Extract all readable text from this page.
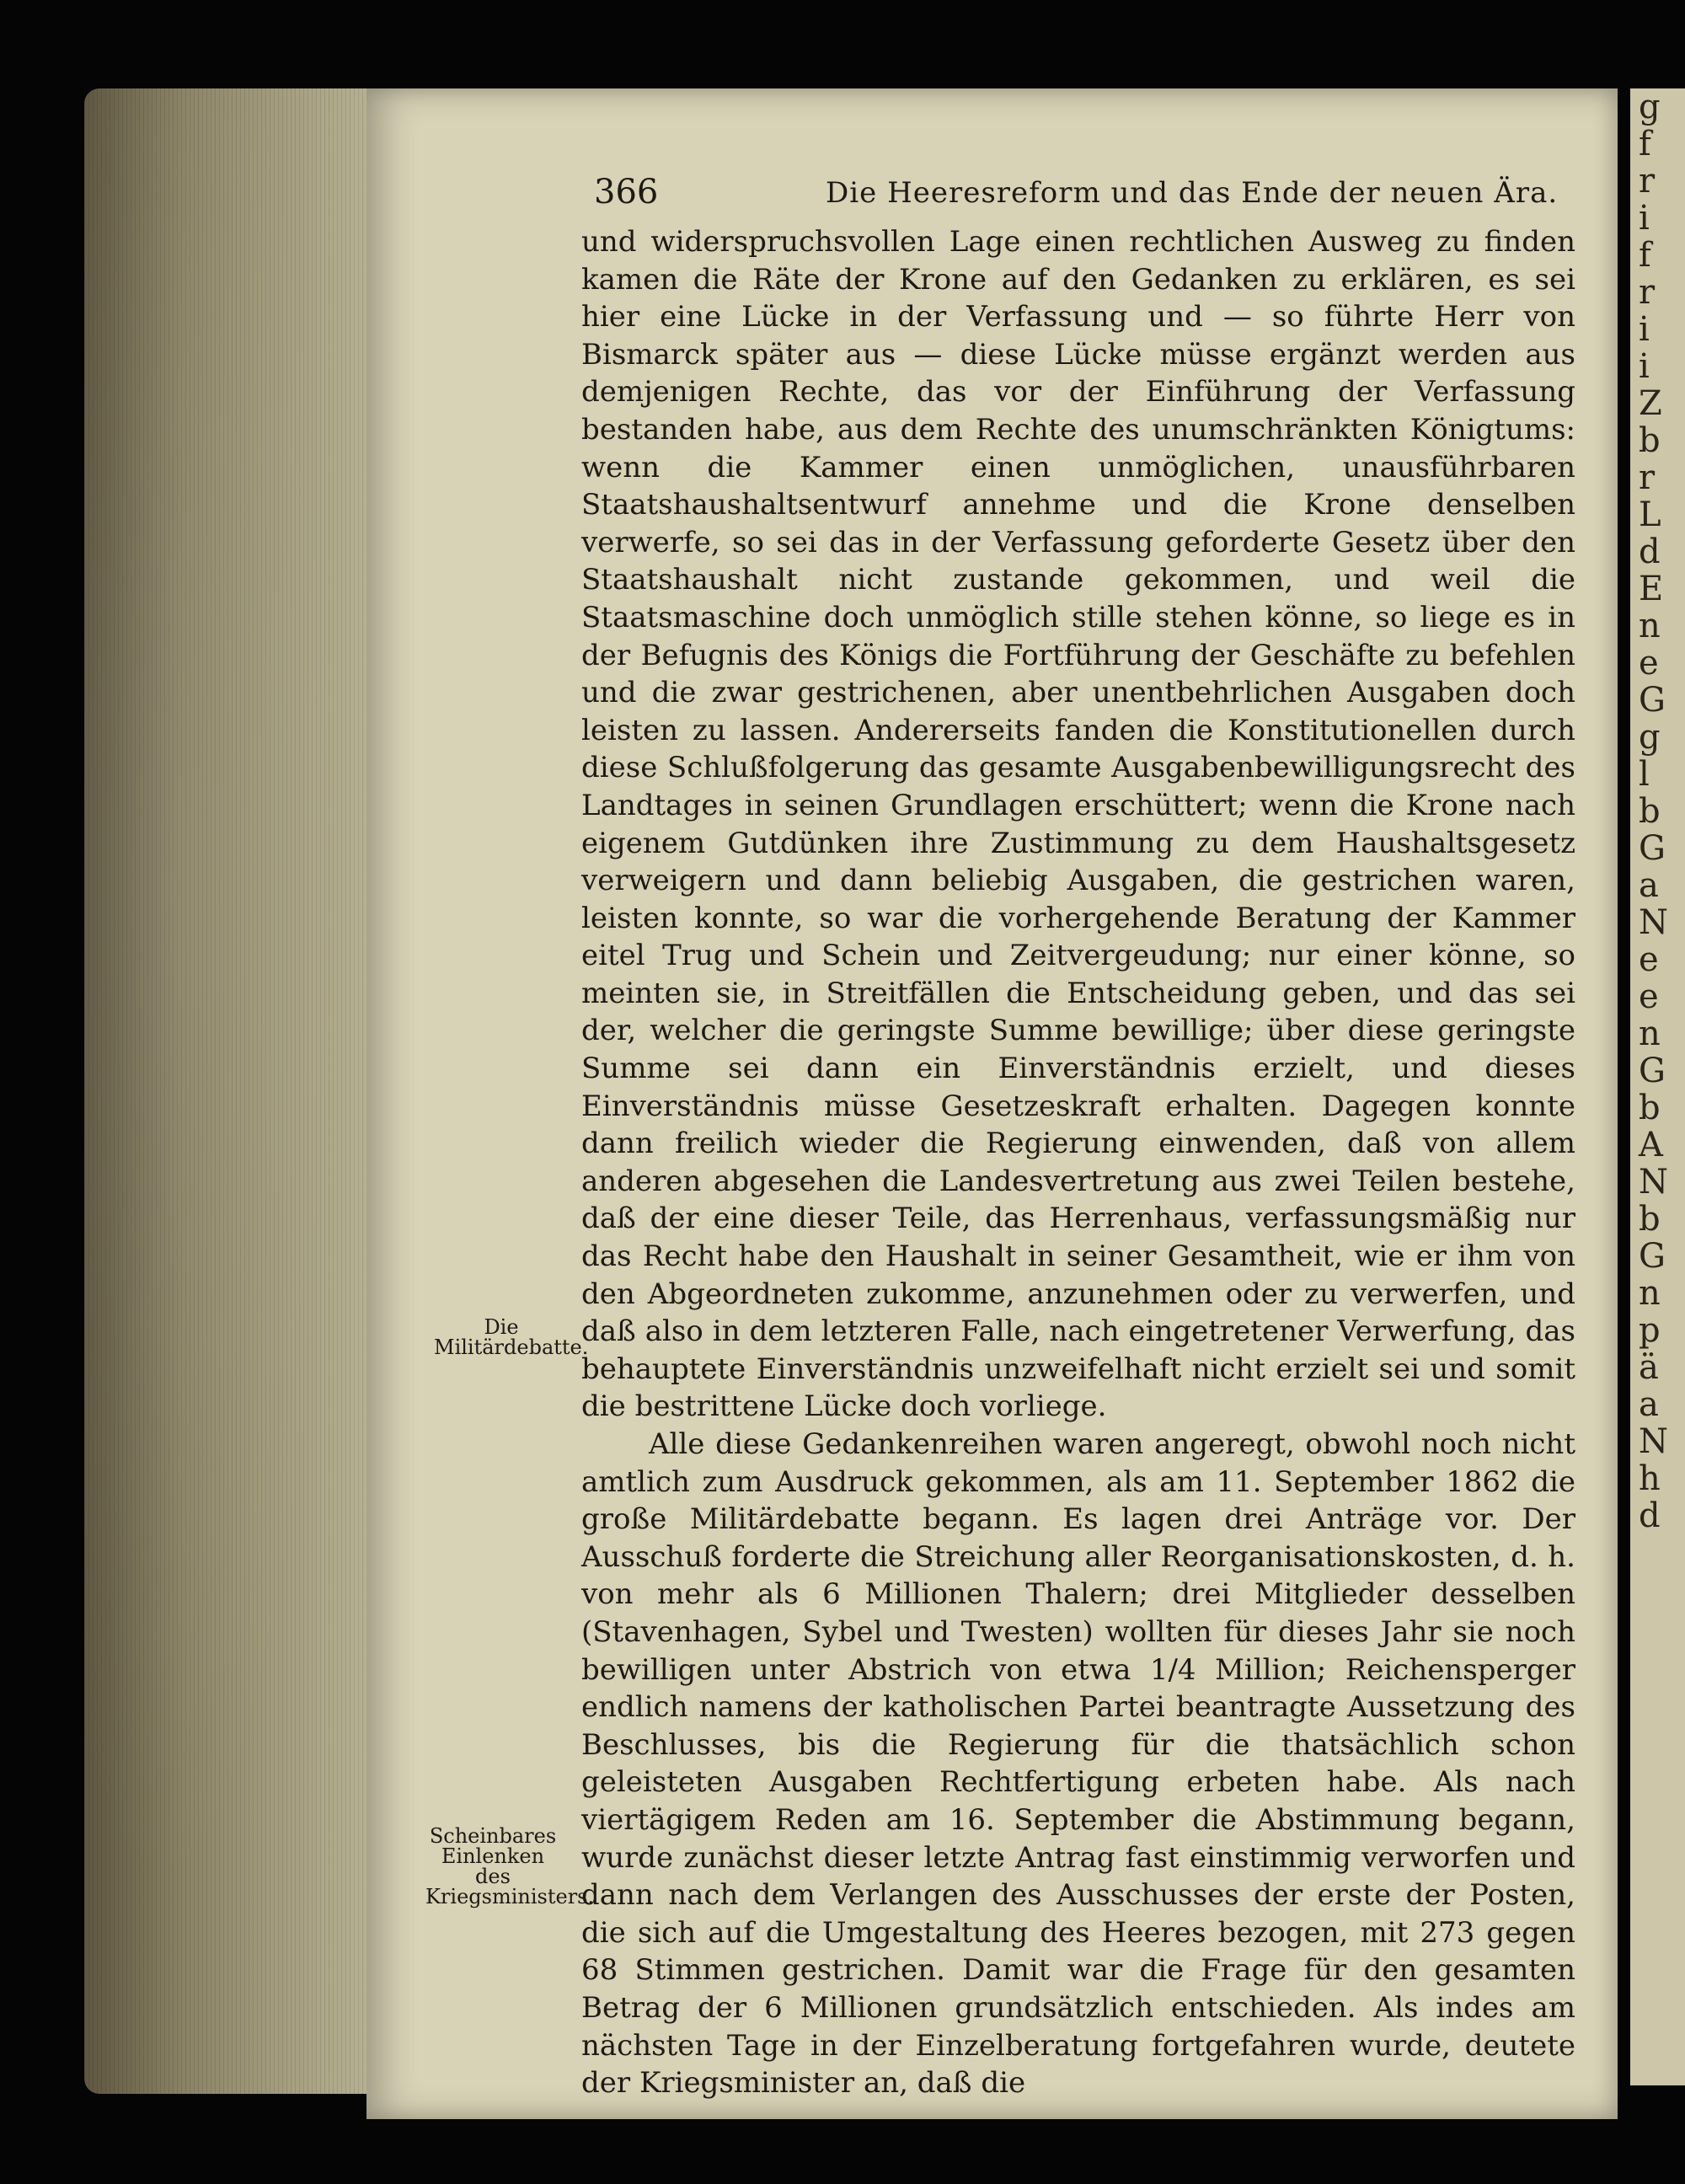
366	Die Heeresreform und das Ende der neuen Ära.

und widerspruchsvollen Lage einen rechtlichen Ausweg zu finden kamen die Räte der Krone auf den Gedanken zu erklären, es sei hier eine Lücke in der Verfassung und — so führte Herr von Bismarck später aus — diese Lücke müsse ergänzt werden aus demjenigen Rechte, das vor der Einführung der Verfassung bestanden habe, aus dem Rechte des unumschränkten Königtums: wenn die Kammer einen unmöglichen, unausführbaren Staatshaushaltsentwurf annehme und die Krone denselben verwerfe, so sei das in der Verfassung geforderte Gesetz über den Staatshaushalt nicht zustande gekommen, und weil die Staatsmaschine doch unmöglich stille stehen könne, so liege es in der Befugnis des Königs die Fortführung der Geschäfte zu befehlen und die zwar gestrichenen, aber unentbehrlichen Ausgaben doch leisten zu lassen. Andererseits fanden die Konstitutionellen durch diese Schlußfolgerung das gesamte Ausgabenbewilligungsrecht des Landtages in seinen Grundlagen erschüttert; wenn die Krone nach eigenem Gutdünken ihre Zustimmung zu dem Haushaltsgesetz verweigern und dann beliebig Ausgaben, die gestrichen waren, leisten konnte, so war die vorhergehende Beratung der Kammer eitel Trug und Schein und Zeitvergeudung; nur einer könne, so meinten sie, in Streitfällen die Entscheidung geben, und das sei der, welcher die geringste Summe bewillige; über diese geringste Summe sei dann ein Einverständnis erzielt, und dieses Einverständnis müsse Gesetzeskraft erhalten. Dagegen konnte dann freilich wieder die Regierung einwenden, daß von allem anderen abgesehen die Landesvertretung aus zwei Teilen bestehe, daß der eine dieser Teile, das Herrenhaus, verfassungsmäßig nur das Recht habe den Haushalt in seiner Gesamtheit, wie er ihm von den Abgeordneten zukomme, anzunehmen oder zu verwerfen, und daß also in dem letzteren Falle, nach eingetretener Verwerfung, das behauptete Einverständnis unzweifelhaft nicht erzielt sei und somit die bestrittene Lücke doch vorliege.

Alle diese Gedankenreihen waren angeregt, obwohl noch nicht amtlich zum Ausdruck gekommen, als am 11. September 1862 die große Militärdebatte begann. Es lagen drei Anträge vor. Der Ausschuß forderte die Streichung aller Reorganisationskosten, d. h. von mehr als 6 Millionen Thalern; drei Mitglieder desselben (Stavenhagen, Sybel und Twesten) wollten für dieses Jahr sie noch bewilligen unter Abstrich von etwa 1/4 Million; Reichensperger endlich namens der katholischen Partei beantragte Aussetzung des Beschlusses, bis die Regierung für die thatsächlich schon geleisteten Ausgaben Rechtfertigung erbeten habe. Als nach viertägigem Reden am 16. September die Abstimmung begann, wurde zunächst dieser letzte Antrag fast einstimmig verworfen und dann nach dem Verlangen des Ausschusses der erste der Posten, die sich auf die Umgestaltung des Heeres bezogen, mit 273 gegen 68 Stimmen gestrichen. Damit war die Frage für den gesamten Betrag der 6 Millionen grundsätzlich entschieden. Als indes am nächsten Tage in der Einzelberatung fortgefahren wurde, deutete der Kriegsminister an, daß die

Die Militärdebatte.
Scheinbares Einlenken des Kriegsministers.
g
f
r
i
f
r
i
i
Z
b
r
L
d
E
n
e
G
g
l
b
G
a
N
e
e
n
G
b
A
N
b
G
n
p
ä
a
N
h
d
